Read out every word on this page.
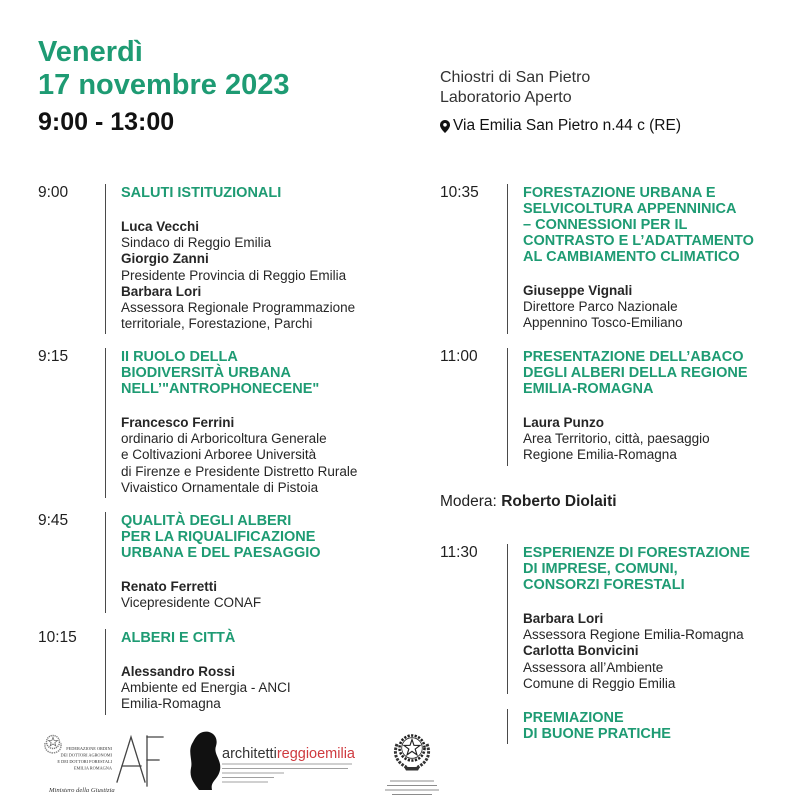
Venerdì
17 novembre 2023
9:00 - 13:00
Chiostri di San Pietro
Laboratorio Aperto
Via Emilia San Pietro n.44 c (RE)
9:00	SALUTI ISTITUZIONALI
Luca Vecchi
Sindaco di Reggio Emilia
Giorgio Zanni
Presidente Provincia di Reggio Emilia
Barbara Lori
Assessora Regionale Programmazione
territoriale, Forestazione, Parchi
9:15	II RUOLO DELLA
BIODIVERSITÀ URBANA
NELL’"ANTROPHONECENE"
Francesco Ferrini
ordinario di Arboricoltura Generale
e Coltivazioni Arboree Università
di Firenze e Presidente Distretto Rurale
Vivaistico Ornamentale di Pistoia
9:45	QUALITÀ DEGLI ALBERI
PER LA RIQUALIFICAZIONE
URBANA E DEL PAESAGGIO
Renato Ferretti
Vicepresidente CONAF
10:15	ALBERI E CITTÀ
Alessandro Rossi
Ambiente ed Energia - ANCI
Emilia-Romagna
10:35	FORESTAZIONE URBANA E
SELVICOLTURA APPENNINICA
– CONNESSIONI PER IL
CONTRASTO E L’ADATTAMENTO
AL CAMBIAMENTO CLIMATICO
Giuseppe Vignali
Direttore Parco Nazionale
Appennino Tosco-Emiliano
11:00	PRESENTAZIONE DELL’ABACO
DEGLI ALBERI DELLA REGIONE
EMILIA-ROMAGNA
Laura Punzo
Area Territorio, città, paesaggio
Regione Emilia-Romagna
Modera: Roberto Diolaiti
11:30	ESPERIENZE DI FORESTAZIONE
DI IMPRESE, COMUNI,
CONSORZI FORESTALI
Barbara Lori
Assessora Regione Emilia-Romagna
Carlotta Bonvicini
Assessora all’Ambiente
Comune di Reggio Emilia
PREMIAZIONE
DI BUONE PRATICHE
FEDERAZIONE ORDINI
DEI DOTTORI AGRONOMI
E DEI DOTTORI FORESTALI
EMILIA ROMAGNA
Ministero della Giustizia
architettireggioemilia
